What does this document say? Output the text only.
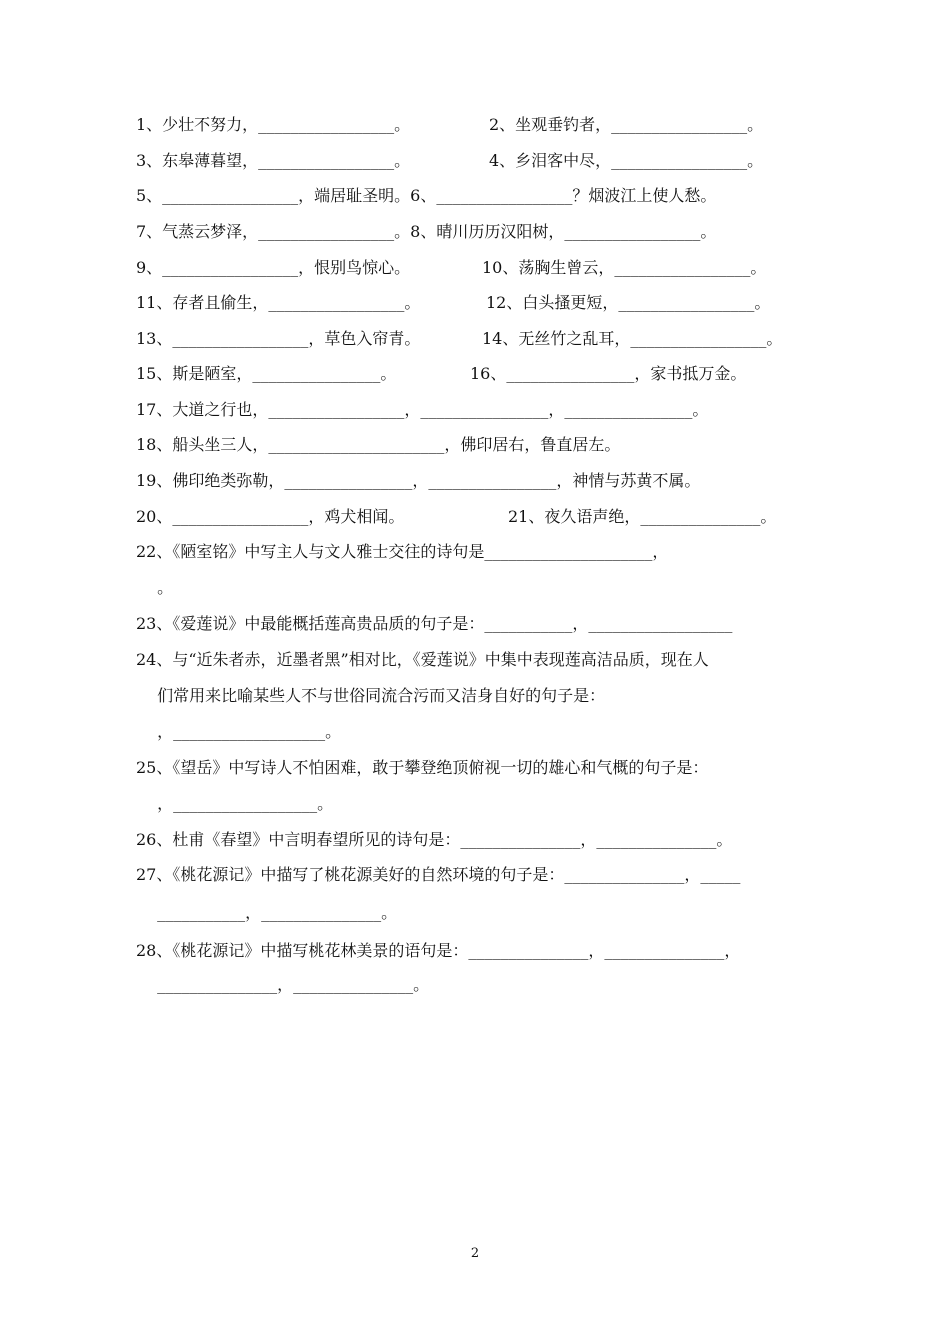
1、少壮不努力，_________________。	2、坐观垂钓者，_________________。
3、东皋薄暮望，_________________。	4、乡泪客中尽，_________________。
5、_________________，端居耻圣明。6、_________________？烟波江上使人愁。
7、气蒸云梦泽，_________________。8、晴川历历汉阳树，_________________。
9、_________________，恨别鸟惊心。	10、荡胸生曾云，_________________。
11、存者且偷生，_________________。	12、白头搔更短，_________________。
13、_________________，草色入帘青。	14、无丝竹之乱耳，_________________。
15、斯是陋室，________________。	16、________________，家书抵万金。
17、大道之行也，_________________，________________，________________。
18、船头坐三人，______________________，佛印居右，鲁直居左。
19、佛印绝类弥勒，________________，________________，神情与苏黄不属。
20、_________________，鸡犬相闻。	21、夜久语声绝，_______________。
22、《陋室铭》中写主人与文人雅士交往的诗句是_____________________，
　 。
23、《爱莲说》中最能概括莲高贵品质的句子是：___________，__________________
24、与“近朱者赤，近墨者黑”相对比，《爱莲说》中集中表现莲高洁品质，现在人
　 们常用来比喻某些人不与世俗同流合污而又洁身自好的句子是：
　 ，___________________。
25、《望岳》中写诗人不怕困难，敢于攀登绝顶俯视一切的雄心和气概的句子是：
　 ，__________________。
26、杜甫《春望》中言明春望所见的诗句是：_______________，_______________。
27、《桃花源记》中描写了桃花源美好的自然环境的句子是：_______________，_____
　 ___________，_______________。
28、《桃花源记》中描写桃花林美景的语句是：_______________，_______________，
　 _______________，_______________。
2
